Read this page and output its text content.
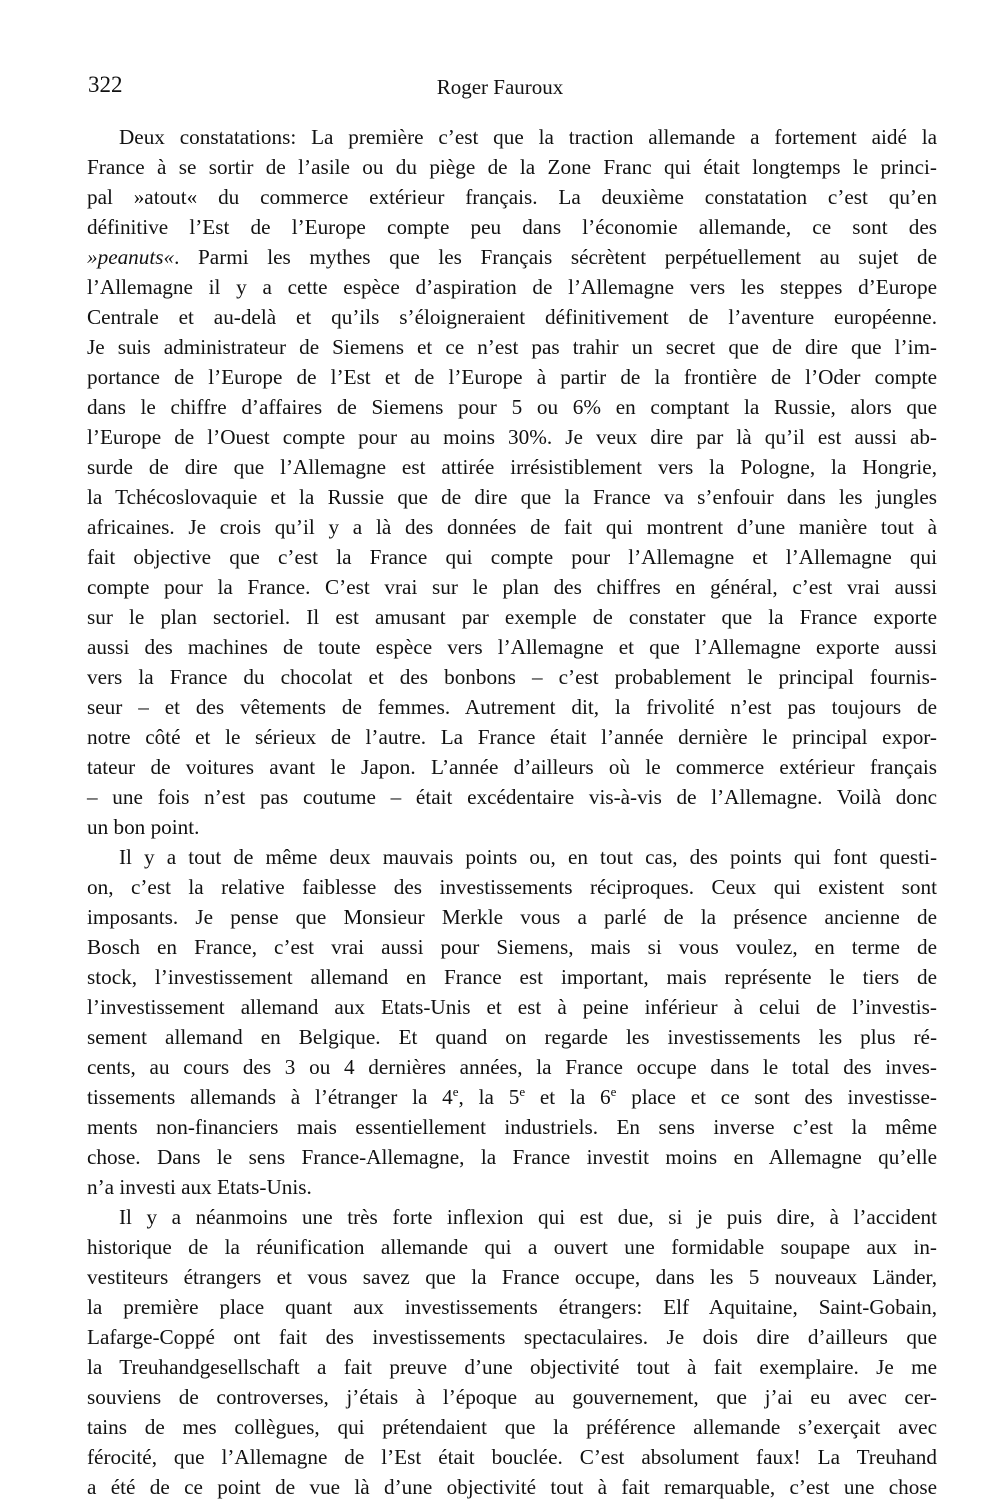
322	Roger Fauroux
Deux constatations: La première c’est que la traction allemande a fortement aidé la
France à se sortir de l’asile ou du piège de la Zone Franc qui était longtemps le princi-
pal »atout« du commerce extérieur français. La deuxième constatation c’est qu’en
définitive l’Est de l’Europe compte peu dans l’économie allemande, ce sont des
»peanuts«. Parmi les mythes que les Français sécrètent perpétuellement au sujet de
l’Allemagne il y a cette espèce d’aspiration de l’Allemagne vers les steppes d’Europe
Centrale et au-delà et qu’ils s’éloigneraient définitivement de l’aventure européenne.
Je suis administrateur de Siemens et ce n’est pas trahir un secret que de dire que l’im-
portance de l’Europe de l’Est et de l’Europe à partir de la frontière de l’Oder compte
dans le chiffre d’affaires de Siemens pour 5 ou 6% en comptant la Russie, alors que
l’Europe de l’Ouest compte pour au moins 30%. Je veux dire par là qu’il est aussi ab-
surde de dire que l’Allemagne est attirée irrésistiblement vers la Pologne, la Hongrie,
la Tchécoslovaquie et la Russie que de dire que la France va s’enfouir dans les jungles
africaines. Je crois qu’il y a là des données de fait qui montrent d’une manière tout à
fait objective que c’est la France qui compte pour l’Allemagne et l’Allemagne qui
compte pour la France. C’est vrai sur le plan des chiffres en général, c’est vrai aussi
sur le plan sectoriel. Il est amusant par exemple de constater que la France exporte
aussi des machines de toute espèce vers l’Allemagne et que l’Allemagne exporte aussi
vers la France du chocolat et des bonbons – c’est probablement le principal fournis-
seur – et des vêtements de femmes. Autrement dit, la frivolité n’est pas toujours de
notre côté et le sérieux de l’autre. La France était l’année dernière le principal expor-
tateur de voitures avant le Japon. L’année d’ailleurs où le commerce extérieur français
– une fois n’est pas coutume – était excédentaire vis-à-vis de l’Allemagne. Voilà donc
un bon point.
Il y a tout de même deux mauvais points ou, en tout cas, des points qui font questi-
on, c’est la relative faiblesse des investissements réciproques. Ceux qui existent sont
imposants. Je pense que Monsieur Merkle vous a parlé de la présence ancienne de
Bosch en France, c’est vrai aussi pour Siemens, mais si vous voulez, en terme de
stock, l’investissement allemand en France est important, mais représente le tiers de
l’investissement allemand aux Etats-Unis et est à peine inférieur à celui de l’investis-
sement allemand en Belgique. Et quand on regarde les investissements les plus ré-
cents, au cours des 3 ou 4 dernières années, la France occupe dans le total des inves-
tissements allemands à l’étranger la 4e, la 5e et la 6e place et ce sont des investisse-
ments non-financiers mais essentiellement industriels. En sens inverse c’est la même
chose. Dans le sens France-Allemagne, la France investit moins en Allemagne qu’elle
n’a investi aux Etats-Unis.
Il y a néanmoins une très forte inflexion qui est due, si je puis dire, à l’accident
historique de la réunification allemande qui a ouvert une formidable soupape aux in-
vestiteurs étrangers et vous savez que la France occupe, dans les 5 nouveaux Länder,
la première place quant aux investissements étrangers: Elf Aquitaine, Saint-Gobain,
Lafarge-Coppé ont fait des investissements spectaculaires. Je dois dire d’ailleurs que
la Treuhandgesellschaft a fait preuve d’une objectivité tout à fait exemplaire. Je me
souviens de controverses, j’étais à l’époque au gouvernement, que j’ai eu avec cer-
tains de mes collègues, qui prétendaient que la préférence allemande s’exerçait avec
férocité, que l’Allemagne de l’Est était bouclée. C’est absolument faux! La Treuhand
a été de ce point de vue là d’une objectivité tout à fait remarquable, c’est une chose
